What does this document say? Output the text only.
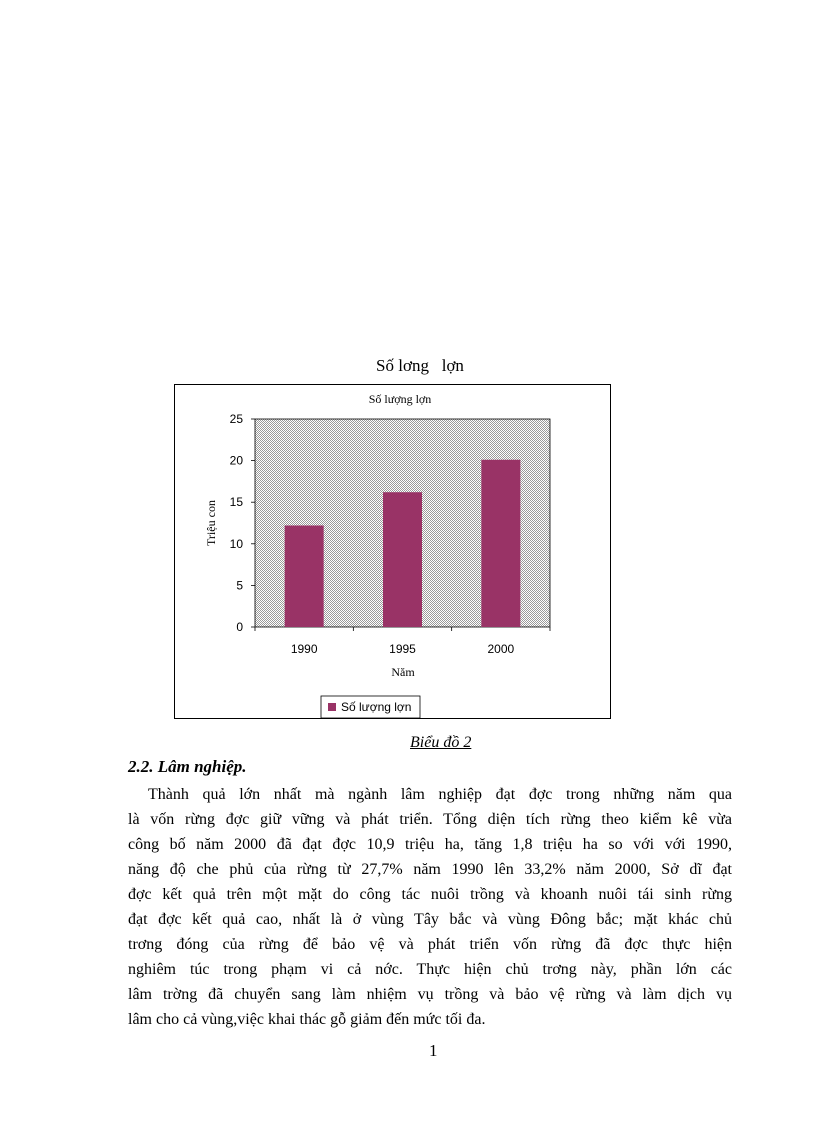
Số lơng   lợn
Số lượng lợn
0
5
10
15
20
25
1990	1995	2000
Năm
Triệu con
Số lượng lợn
Biểu đồ 2
2.2. Lâm nghiệp.

Thành quả lớn nhất mà ngành lâm nghiệp đạt đợc trong những năm qua
là vốn rừng đợc giữ vững và phát triển. Tổng diện tích rừng theo kiểm kê vừa
công bố năm 2000 đã đạt đợc 10,9 triệu ha, tăng 1,8 triệu ha so với với 1990,
năng độ che phủ của rừng từ 27,7% năm 1990 lên 33,2% năm 2000, Sở dĩ đạt
đợc kết quả trên một mặt do công tác nuôi trồng và khoanh nuôi tái sinh rừng
đạt đợc kết quả cao, nhất là ở vùng Tây bắc và vùng Đông bắc; mặt khác chủ
trơng đóng của rừng để bảo vệ và phát triển vốn rừng đã đợc thực hiện
nghiêm túc trong phạm vi cả nớc. Thực hiện chủ trơng này, phần lớn các
lâm trờng đã chuyển sang làm nhiệm vụ trồng và bảo vệ rừng và làm dịch vụ
lâm cho cả vùng,việc khai thác gỗ giảm đến mức tối đa.

1
